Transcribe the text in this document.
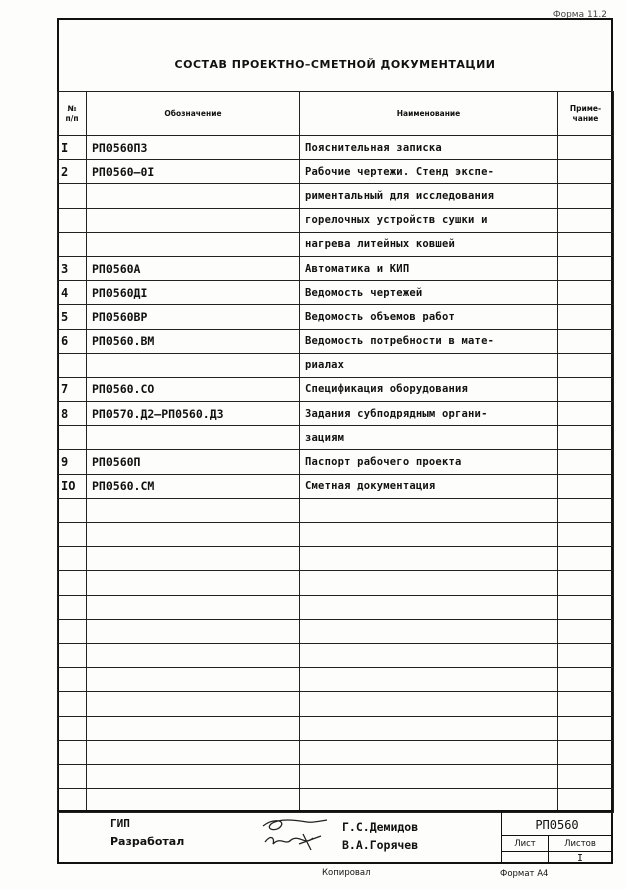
Форма 11.2
СОСТАВ ПРОЕКТНО–СМЕТНОЙ ДОКУМЕНТАЦИИ
№
п/п	Обозначение	Наименование	Приме-
чание

I	РП0560ПЗ	Пояснительная записка	
2	РП0560–0I	Рабочие чертежи. Стенд экспе-	
		риментальный для исследования	
		горелочных устройств сушки и	
		нагрева литейных ковшей	
3	РП0560А	Автоматика и КИП	
4	РП0560ДI	Ведомость чертежей	
5	РП0560ВР	Ведомость объемов работ	
6	РП0560.ВМ	Ведомость потребности в мате-	
		риалах	
7	РП0560.СО	Спецификация оборудования	
8	РП0570.Д2–РП0560.Д3	Задания субподрядным органи-	
		зациям	
9	РП0560П	Паспорт рабочего проекта	
IO	РП0560.СМ	Сметная документация	

ГИП
Разработал
Г.С.Демидов
В.А.Горячев
РП0560
Лист	Листов
I
Копировал	Формат А4
